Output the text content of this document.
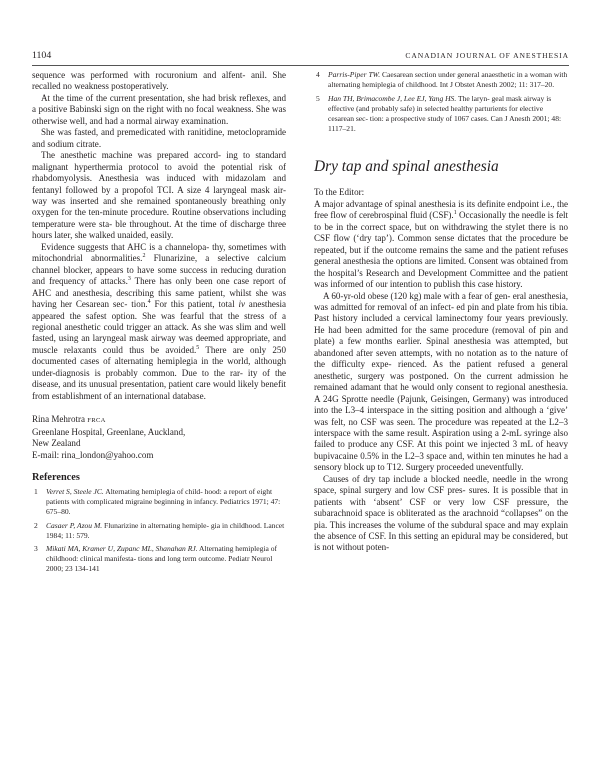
1104	CANADIAN JOURNAL OF ANESTHESIA

sequence was performed with rocuronium and alfent- anil. She recalled no weakness postoperatively.

At the time of the current presentation, she had brisk reflexes, and a positive Babinski sign on the right with no focal weakness. She was otherwise well, and had a normal airway examination.

She was fasted, and premedicated with ranitidine, metoclopramide and sodium citrate.

The anesthetic machine was prepared accord- ing to standard malignant hyperthermia protocol to avoid the potential risk of rhabdomyolysis. Anesthesia was induced with midazolam and fentanyl followed by a propofol TCI. A size 4 laryngeal mask air- way was inserted and she remained spontaneously breathing only oxygen for the ten-minute procedure. Routine observations including temperature were sta- ble throughout. At the time of discharge three hours later, she walked unaided, easily.

Evidence suggests that AHC is a channelopa- thy, sometimes with mitochondrial abnormalities.$^2$ Flunarizine, a selective calcium channel blocker, appears to have some success in reducing duration and frequency of attacks.$^3$ There has only been one case report of AHC and anesthesia, describing this same patient, whilst she was having her Cesarean sec- tion.$^4$ For this patient, total iv anesthesia appeared the safest option. She was fearful that the stress of a regional anesthetic could trigger an attack. As she was slim and well fasted, using an laryngeal mask airway was deemed appropriate, and muscle relaxants could thus be avoided.$^5$ There are only 250 documented cases of alternating hemiplegia in the world, although under-diagnosis is probably common. Due to the rar- ity of the disease, and its unusual presentation, patient care would likely benefit from establishment of an international database.

Rina Mehrotra FRCA
Greenlane Hospital, Greenlane, Auckland,
New Zealand
E-mail: rina_london@yahoo.com
References
1 Verret S, Steele JC. Alternating hemiplegia of child- hood: a report of eight patients with complicated migraine beginning in infancy. Pediatrics 1971; 47: 675–80.
2 Casaer P, Azou M. Flunarizine in alternating hemiple- gia in childhood. Lancet 1984; 11: 579.
3 Mikati MA, Kramer U, Zupanc ML, Shanahan RJ. Alternating hemiplegia of childhood: clinical manifesta- tions and long term outcome. Pediatr Neurol 2000; 23 134-141
4 Parris-Piper TW. Caesarean section under general anaesthetic in a woman with alternating hemiplegia of childhood. Int J Obstet Anesth 2002; 11: 317–20.
5 Han TH, Brimacombe J, Lee EJ, Yang HS. The laryn- geal mask airway is effective (and probably safe) in selected healthy parturients for elective cesarean sec- tion: a prospective study of 1067 cases. Can J Anesth 2001; 48: 1117–21.
Dry tap and spinal anesthesia

To the Editor:

A major advantage of spinal anesthesia is its definite endpoint i.e., the free flow of cerebrospinal fluid (CSF).$^1$ Occasionally the needle is felt to be in the correct space, but on withdrawing the stylet there is no CSF flow (‘dry tap’). Common sense dictates that the procedure be repeated, but if the outcome remains the same and the patient refuses general anesthesia the options are limited. Consent was obtained from the hospital’s Research and Development Committee and the patient was informed of our intention to publish this case history.

A 60-yr-old obese (120 kg) male with a fear of gen- eral anesthesia, was admitted for removal of an infect- ed pin and plate from his tibia. Past history included a cervical laminectomy four years previously. He had been admitted for the same procedure (removal of pin and plate) a few months earlier. Spinal anesthesia was attempted, but abandoned after seven attempts, with no notation as to the nature of the difficulty expe- rienced. As the patient refused a general anesthetic, surgery was postponed. On the current admission he remained adamant that he would only consent to regional anesthesia. A 24G Sprotte needle (Pajunk, Geisingen, Germany) was introduced into the L3–4 interspace in the sitting position and although a ‘give’ was felt, no CSF was seen. The procedure was repeated at the L2–3 interspace with the same result. Aspiration using a 2-mL syringe also failed to produce any CSF. At this point we injected 3 mL of heavy bupivacaine 0.5% in the L2–3 space and, within ten minutes he had a sensory block up to T12. Surgery proceeded uneventfully.

Causes of dry tap include a blocked needle, needle in the wrong space, spinal surgery and low CSF pres- sures. It is possible that in patients with ‘absent’ CSF or very low CSF pressure, the subarachnoid space is obliterated as the arachnoid “collapses” on the pia. This increases the volume of the subdural space and may explain the absence of CSF. In this setting an epidural may be considered, but is not without poten-
